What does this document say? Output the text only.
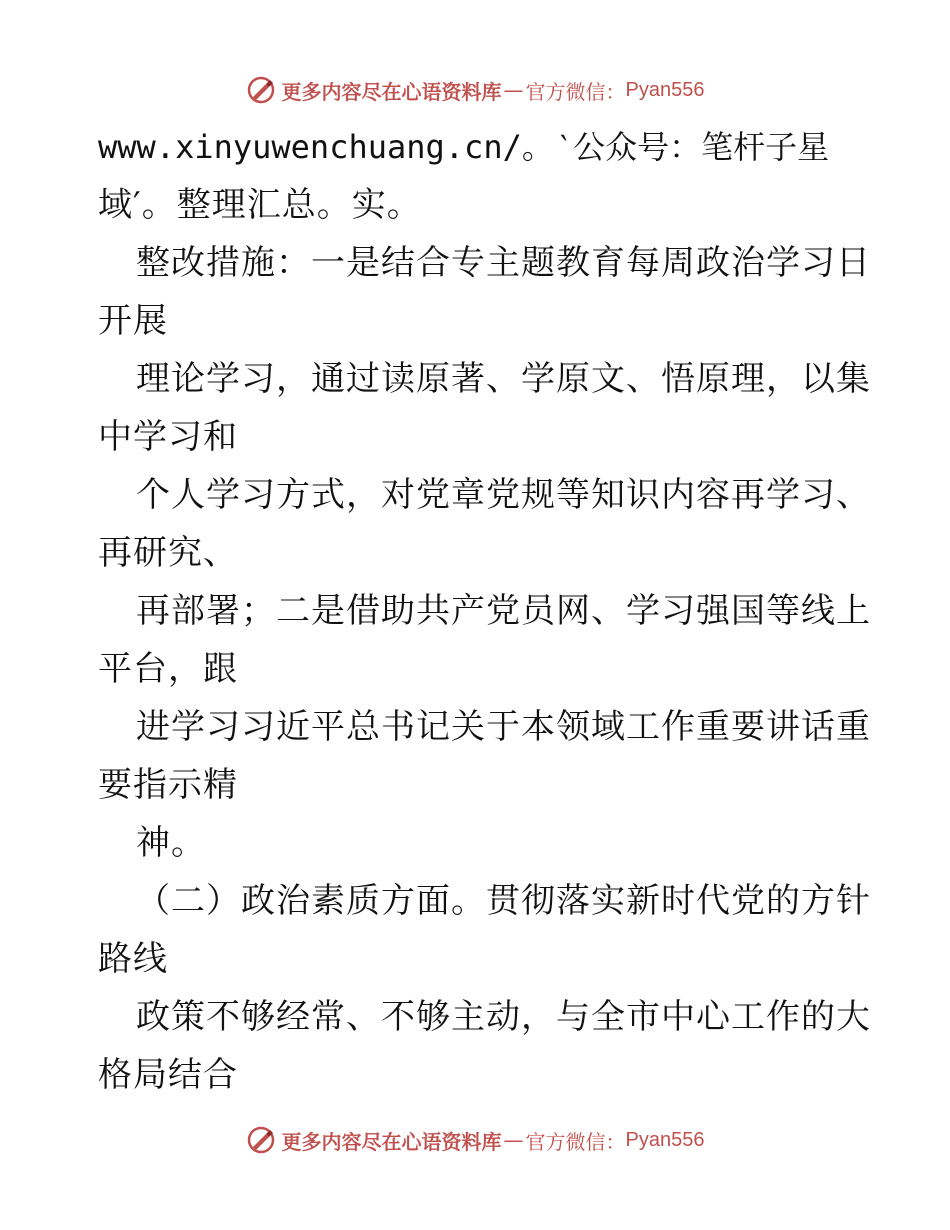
更多内容尽在心语资料库 — 官方微信： Pyan556
www.xinyuwenchuang.cn/。‵公众号：笔杆子星
域′。整理汇总。实。
整改措施：一是结合专主题教育每周政治学习日
开展
理论学习，通过读原著、学原文、悟原理，以集
中学习和
个人学习方式，对党章党规等知识内容再学习、
再研究、
再部署；二是借助共产党员网、学习强国等线上
平台，跟
进学习习近平总书记关于本领域工作重要讲话重
要指示精
神。
（二）政治素质方面。贯彻落实新时代党的方针
路线
政策不够经常、不够主动，与全市中心工作的大
格局结合
更多内容尽在心语资料库 — 官方微信： Pyan556
